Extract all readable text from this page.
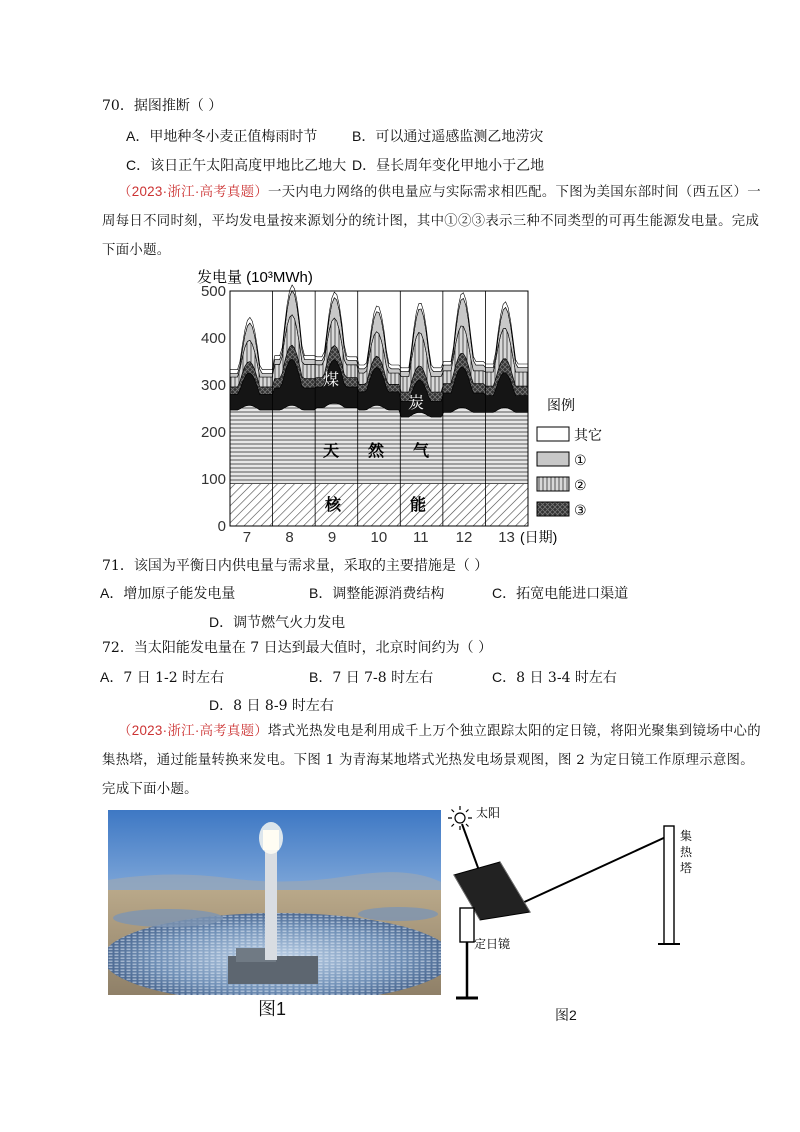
70．据图推断（ ）
A．甲地种冬小麦正值梅雨时节 B．可以通过遥感监测乙地涝灾
C．该日正午太阳高度甲地比乙地大 D．昼长周年变化甲地小于乙地
（2023·浙江·高考真题）一天内电力网络的供电量应与实际需求相匹配。下图为美国东部时间（西五区）一周每日不同时刻，平均发电量按来源划分的统计图，其中①②③表示三种不同类型的可再生能源发电量。完成下面小题。
发电量 (10³MWh)
0
100
200
300
400
500
7 8 9 10 11 12 13 (日期)
煤
炭
天 然 气
核	能
图例
其它
①
②
③
71．该国为平衡日内供电量与需求量，采取的主要措施是（ ）
A．增加原子能发电量	B．调整能源消费结构	C．拓宽电能进口渠道
D．调节燃气火力发电
72．当太阳能发电量在 7 日达到最大值时，北京时间约为（ ）
A．7 日 1-2 时左右	B．7 日 7-8 时左右	C．8 日 3-4 时左右
D．8 日 8-9 时左右
（2023·浙江·高考真题）塔式光热发电是利用成千上万个独立跟踪太阳的定日镜，将阳光聚集到镜场中心的集热塔，通过能量转换来发电。下图 1 为青海某地塔式光热发电场景观图，图 2 为定日镜工作原理示意图。完成下面小题。
图1
太阳
定日镜
集
热
塔
图2
